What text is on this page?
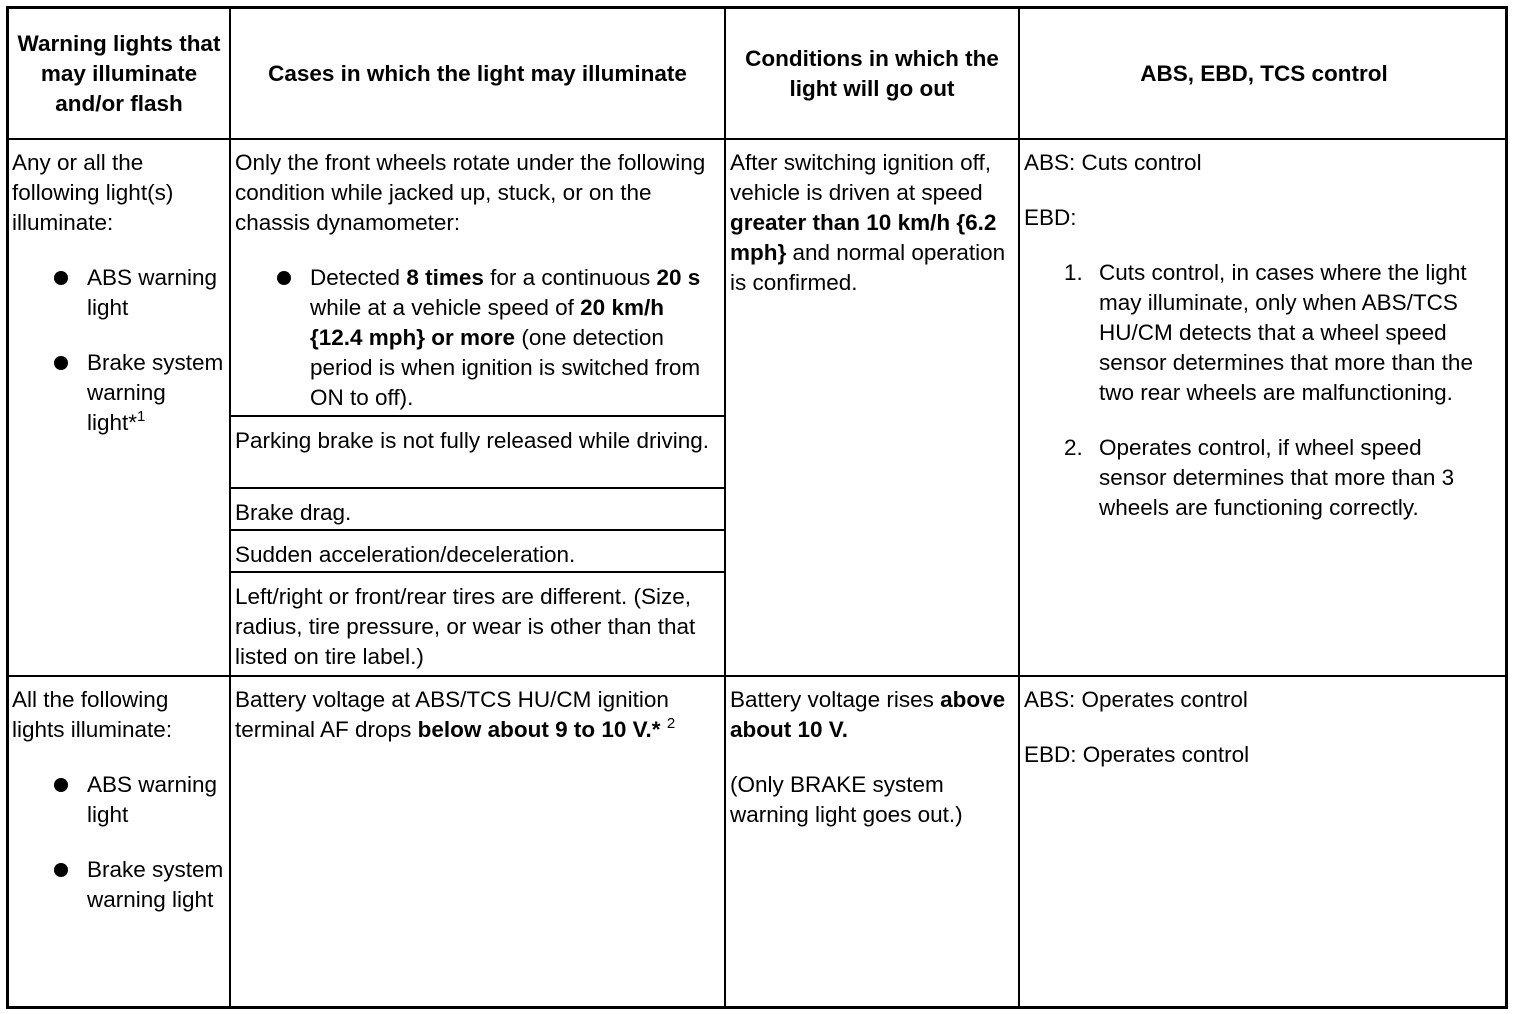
Warning lights that may illuminate and/or flash
Cases in which the light may illuminate
Conditions in which the light will go out
ABS, EBD, TCS control

Any or all the following light(s) illuminate:

ABS warning light
Brake system warning light*$^1$

Only the front wheels rotate under the following condition while jacked up, stuck, or on the chassis dynamometer:

Detected 8 times for a continuous 20 s while at a vehicle speed of 20 km/h {12.4 mph} or more (one detection period is when ignition is switched from ON to off).
Parking brake is not fully released while driving.
Brake drag.
Sudden acceleration/deceleration.
Left/right or front/rear tires are different. (Size, radius, tire pressure, or wear is other than that listed on tire label.)
After switching ignition off, vehicle is driven at speed greater than 10 km/h {6.2 mph} and normal operation is confirmed.

ABS: Cuts control

EBD:

1. Cuts control, in cases where the light may illuminate, only when ABS/TCS HU/CM detects that a wheel speed sensor determines that more than the two rear wheels are malfunctioning.
2. Operates control, if wheel speed sensor determines that more than 3 wheels are functioning correctly.

All the following lights illuminate:

ABS warning light
Brake system warning light
Battery voltage at ABS/TCS HU/CM ignition terminal AF drops below about 9 to 10 V.* $^2$

Battery voltage rises above about 10 V.

(Only BRAKE system warning light goes out.)

ABS: Operates control

EBD: Operates control
